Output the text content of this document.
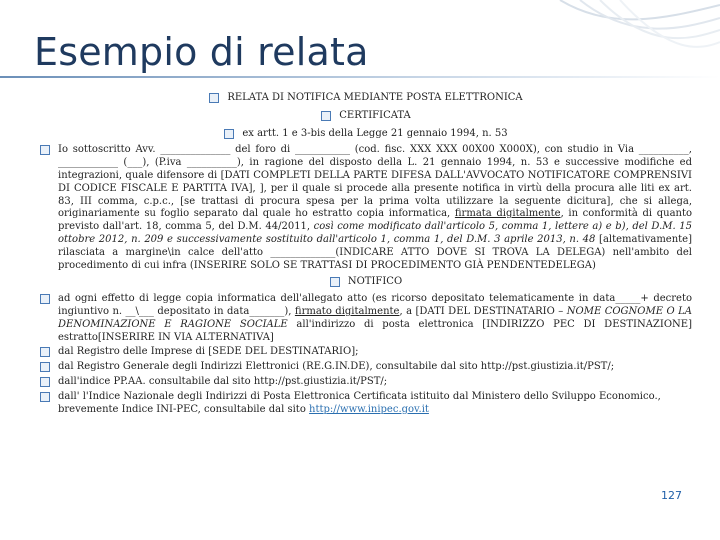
Esempio di relata
RELATA DI NOTIFICA MEDIANTE POSTA ELETTRONICA
CERTIFICATA
ex artt. 1 e 3-bis della Legge 21 gennaio 1994, n. 53
Io sottoscritto Avv. ______________ del foro di ___________ (cod. fisc. XXX XXX 00X00 X000X), con studio in Via __________, ____________ (___), (P.iva __________), in ragione del disposto della L. 21 gennaio 1994, n. 53 e successive modifiche ed integrazioni, quale difensore di [DATI COMPLETI DELLA PARTE DIFESA DALL'AVVOCATO NOTIFICATORE COMPRENSIVI DI CODICE FISCALE E PARTITA IVA], ], per il quale si procede alla presente notifica in virtù della procura alle liti ex art. 83, III comma, c.p.c., [se trattasi di procura spesa per la prima volta utilizzare la seguente dicitura], che si allega, originariamente su foglio separato dal quale ho estratto copia informatica, firmata digitalmente, in conformità di quanto previsto dall'art. 18, comma 5, del D.M. 44/2011, così come modificato dall'articolo 5, comma 1, lettere a) e b), del D.M. 15 ottobre 2012, n. 209 e successivamente sostituito dall'articolo 1, comma 1, del D.M. 3 aprile 2013, n. 48 [altemativamente] rilasciata a margine\in calce dell'atto _____________(INDICARE ATTO DOVE SI TROVA LA DELEGA) nell'ambito del procedimento di cui infra (INSERIRE SOLO SE TRATTASI DI PROCEDIMENTO GIÀ PENDENTEDELEGA)
NOTIFICO
ad ogni effetto di legge copia informatica dell'allegato atto (es ricorso depositato telematicamente in data_____+ decreto ingiuntivo n. __\___ depositato in data_______), firmato digitalmente, a [DATI DEL DESTINATARIO – NOME COGNOME O LA DENOMINAZIONE E RAGIONE SOCIALE all'indirizzo di posta elettronica [INDIRIZZO PEC DI DESTINAZIONE] estratto[INSERIRE IN VIA ALTERNATIVA]
dal Registro delle Imprese di [SEDE DEL DESTINATARIO];
dal Registro Generale degli Indirizzi Elettronici (RE.G.IN.DE), consultabile dal sito http://pst.giustizia.it/PST/;
dall'indice PP.AA. consultabile dal sito http://pst.giustizia.it/PST/;
dall' l'Indice Nazionale degli Indirizzi di Posta Elettronica Certificata istituito dal Ministero dello Sviluppo Economico., brevemente Indice INI-PEC, consultabile dal sito http://www.inipec.gov.it
127
